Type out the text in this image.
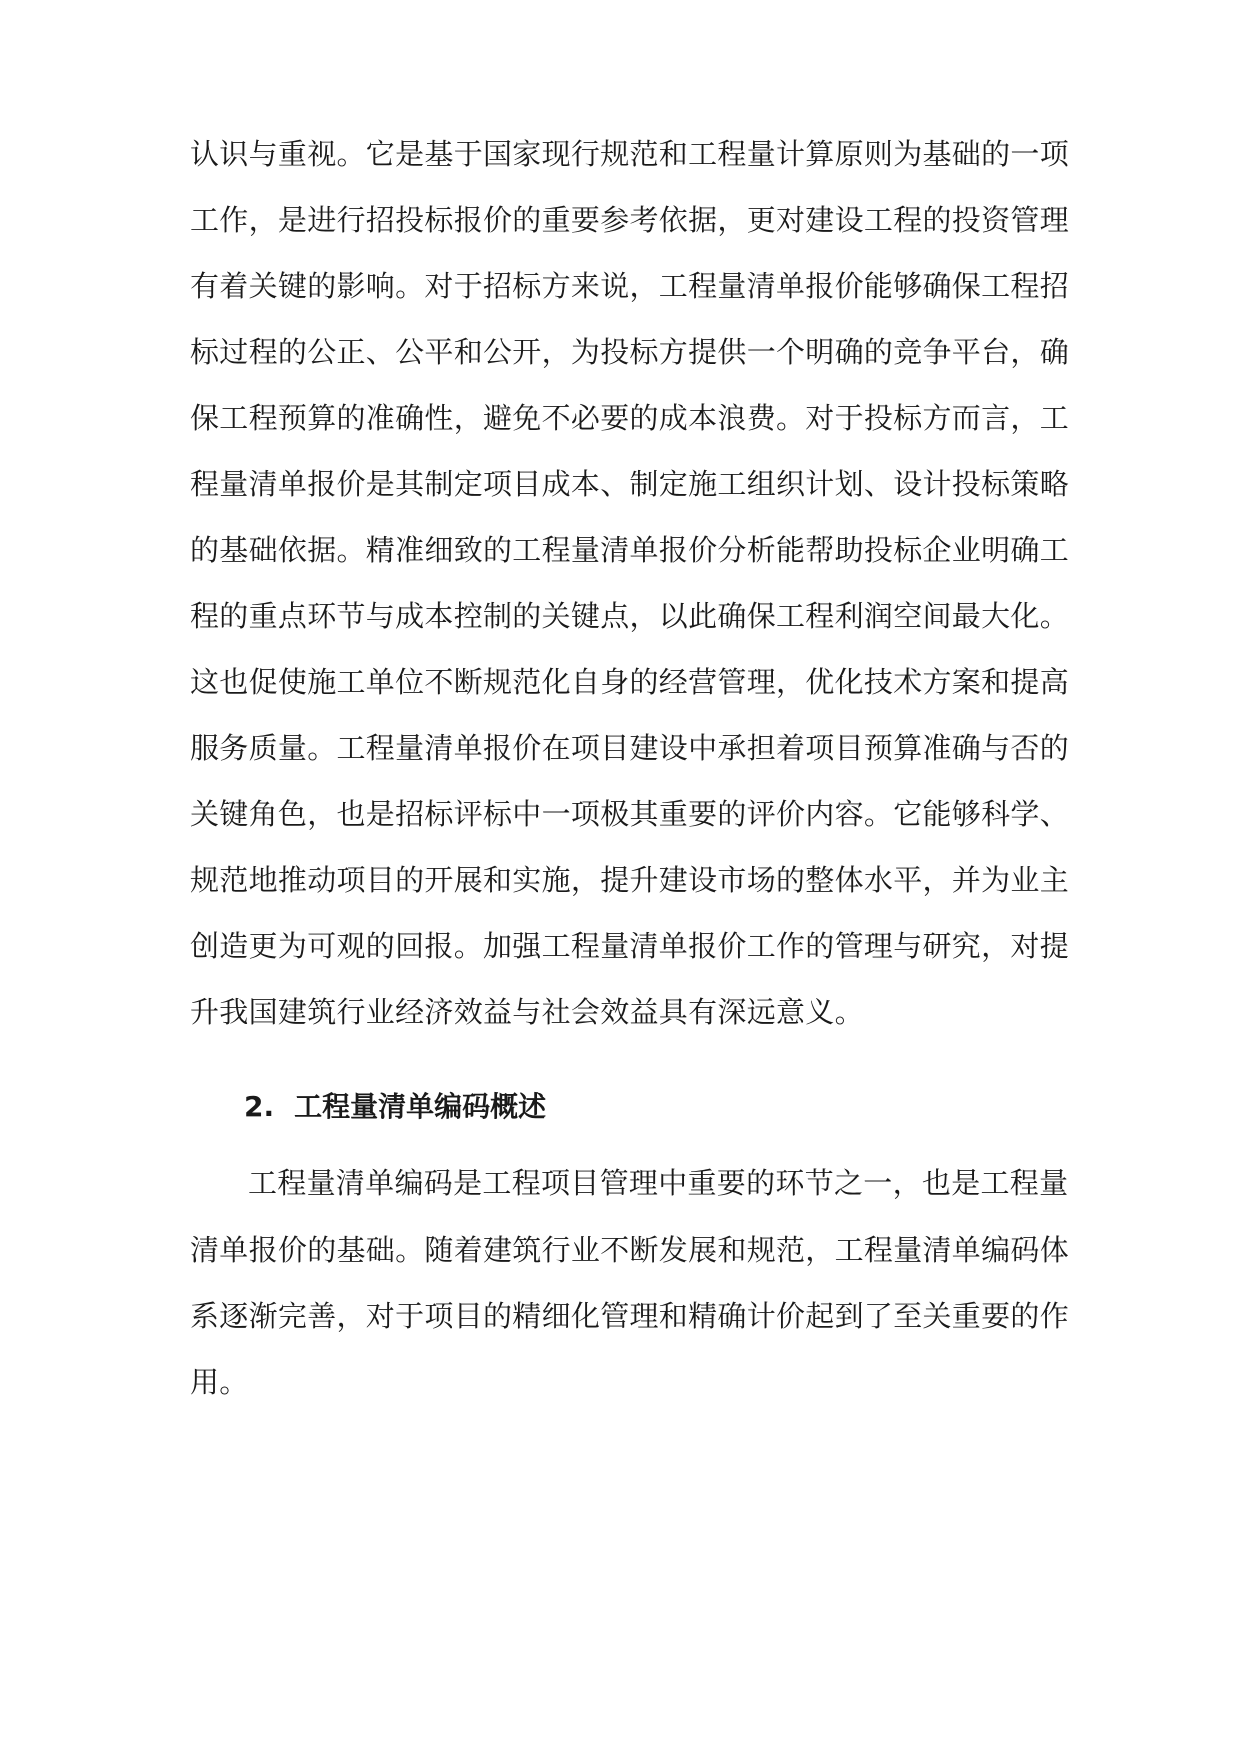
认识与重视。它是基于国家现行规范和工程量计算原则为基础的一项
工作，是进行招投标报价的重要参考依据，更对建设工程的投资管理
有着关键的影响。对于招标方来说，工程量清单报价能够确保工程招
标过程的公正、公平和公开，为投标方提供一个明确的竞争平台，确
保工程预算的准确性，避免不必要的成本浪费。对于投标方而言，工
程量清单报价是其制定项目成本、制定施工组织计划、设计投标策略
的基础依据。精准细致的工程量清单报价分析能帮助投标企业明确工
程的重点环节与成本控制的关键点，以此确保工程利润空间最大化。
这也促使施工单位不断规范化自身的经营管理，优化技术方案和提高
服务质量。工程量清单报价在项目建设中承担着项目预算准确与否的
关键角色，也是招标评标中一项极其重要的评价内容。它能够科学、
规范地推动项目的开展和实施，提升建设市场的整体水平，并为业主
创造更为可观的回报。加强工程量清单报价工作的管理与研究，对提
升我国建筑行业经济效益与社会效益具有深远意义。
2. 工程量清单编码概述
工程量清单编码是工程项目管理中重要的环节之一，也是工程量
清单报价的基础。随着建筑行业不断发展和规范，工程量清单编码体
系逐渐完善，对于项目的精细化管理和精确计价起到了至关重要的作
用。
